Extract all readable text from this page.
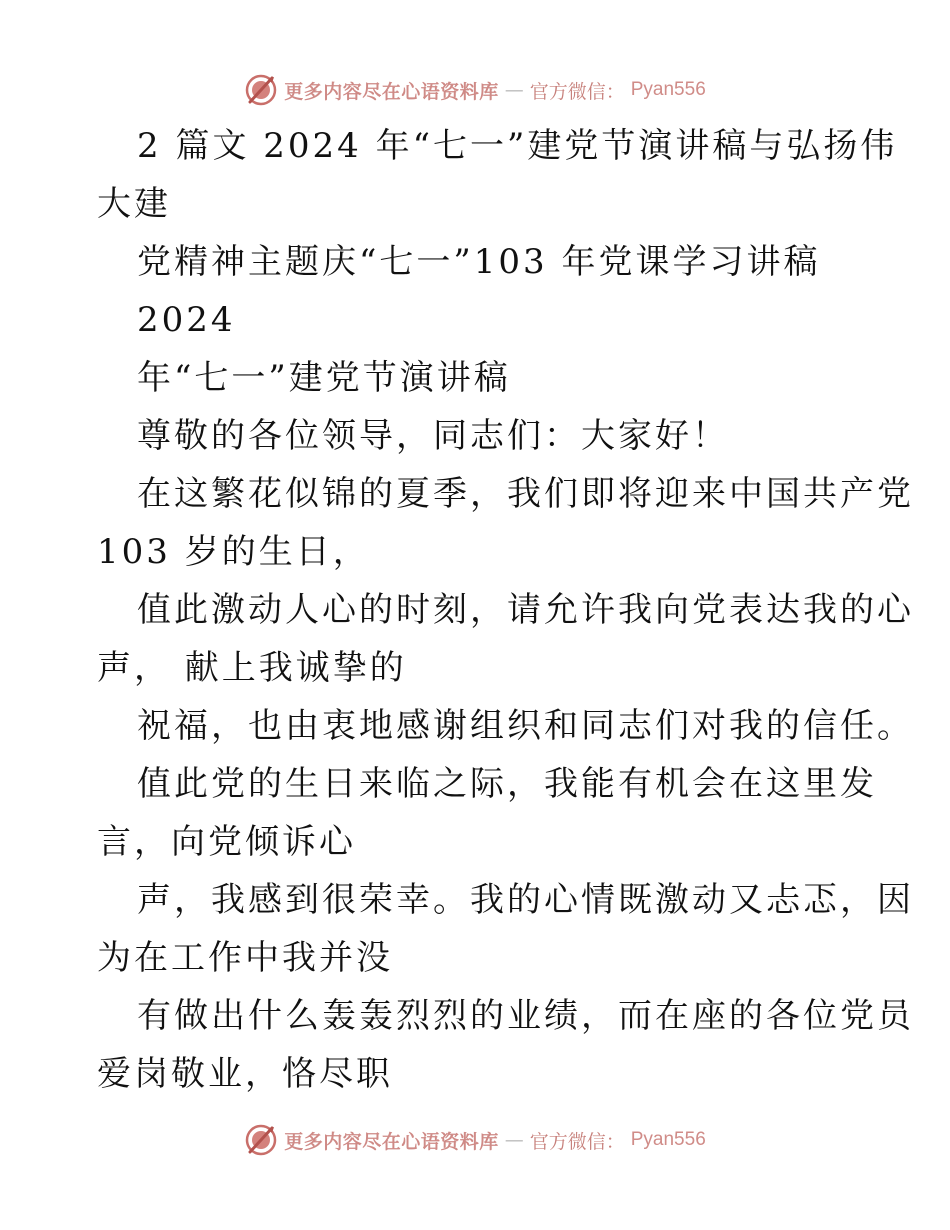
更多内容尽在心语资料库 — 官方微信： Pyan556
2 篇文 2024 年“七一”建党节演讲稿与弘扬伟
大建
党精神主题庆“七一”103 年党课学习讲稿
2024
年“七一”建党节演讲稿
尊敬的各位领导，同志们：大家好！
在这繁花似锦的夏季，我们即将迎来中国共产党
103 岁的生日，
值此激动人心的时刻，请允许我向党表达我的心
声， 献上我诚挚的
祝福，也由衷地感谢组织和同志们对我的信任。
值此党的生日来临之际，我能有机会在这里发
言，向党倾诉心
声，我感到很荣幸。我的心情既激动又忐忑，因
为在工作中我并没
有做出什么轰轰烈烈的业绩，而在座的各位党员
爱岗敬业，恪尽职
更多内容尽在心语资料库 — 官方微信： Pyan556
